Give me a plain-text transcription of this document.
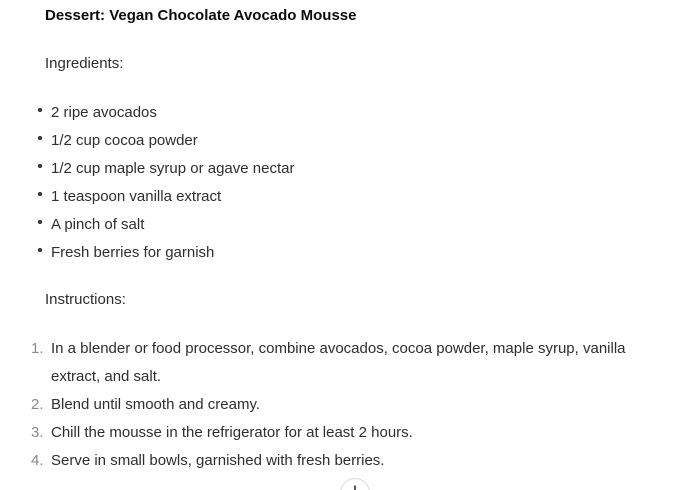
Dessert: Vegan Chocolate Avocado Mousse
Ingredients:
2 ripe avocados
1/2 cup cocoa powder
1/2 cup maple syrup or agave nectar
1 teaspoon vanilla extract
A pinch of salt
Fresh berries for garnish
Instructions:
1. In a blender or food processor, combine avocados, cocoa powder, maple syrup, vanilla extract, and salt.
2. Blend until smooth and creamy.
3. Chill the mousse in the refrigerator for at least 2 hours.
4. Serve in small bowls, garnished with fresh berries.
